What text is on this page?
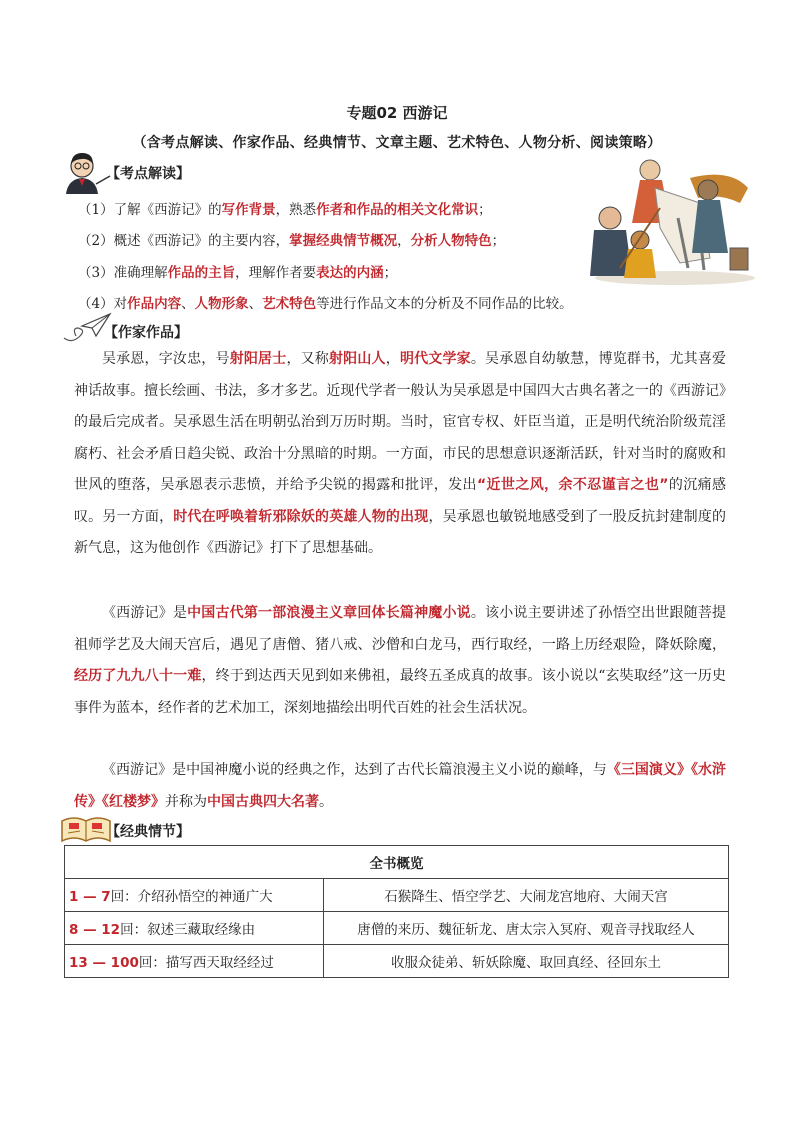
专题02 西游记
（含考点解读、作家作品、经典情节、文章主题、艺术特色、人物分析、阅读策略）
【考点解读】
（1）了解《西游记》的写作背景，熟悉作者和作品的相关文化常识；
（2）概述《西游记》的主要内容，掌握经典情节概况，分析人物特色；
（3）准确理解作品的主旨，理解作者要表达的内涵；
（4）对作品内容、人物形象、艺术特色等进行作品文本的分析及不同作品的比较。
【作家作品】

吴承恩，字汝忠，号射阳居士，又称射阳山人，明代文学家。吴承恩自幼敏慧，博览群书，尤其喜爱神话故事。擅长绘画、书法，多才多艺。近现代学者一般认为吴承恩是中国四大古典名著之一的《西游记》的最后完成者。吴承恩生活在明朝弘治到万历时期。当时，宦官专权、奸臣当道，正是明代统治阶级荒淫腐朽、社会矛盾日趋尖锐、政治十分黑暗的时期。一方面，市民的思想意识逐渐活跃，针对当时的腐败和世风的堕落，吴承恩表示悲愤，并给予尖锐的揭露和批评，发出“近世之风，余不忍谨言之也”的沉痛感叹。另一方面，时代在呼唤着斩邪除妖的英雄人物的出现，吴承恩也敏锐地感受到了一股反抗封建制度的新气息，这为他创作《西游记》打下了思想基础。

《西游记》是中国古代第一部浪漫主义章回体长篇神魔小说。该小说主要讲述了孙悟空出世跟随菩提祖师学艺及大闹天宫后，遇见了唐僧、猪八戒、沙僧和白龙马，西行取经，一路上历经艰险，降妖除魔，经历了九九八十一难，终于到达西天见到如来佛祖，最终五圣成真的故事。该小说以“玄奘取经”这一历史事件为蓝本，经作者的艺术加工，深刻地描绘出明代百姓的社会生活状况。

《西游记》是中国神魔小说的经典之作，达到了古代长篇浪漫主义小说的巅峰，与《三国演义》《水浒传》《红楼梦》并称为中国古典四大名著。

【经典情节】
全书概览	
1 — 7回：介绍孙悟空的神通广大	石猴降生、悟空学艺、大闹龙宫地府、大闹天宫
8 — 12回：叙述三藏取经缘由	唐僧的来历、魏征斩龙、唐太宗入冥府、观音寻找取经人
13 — 100回：描写西天取经经过	收服众徒弟、斩妖除魔、取回真经、径回东土
